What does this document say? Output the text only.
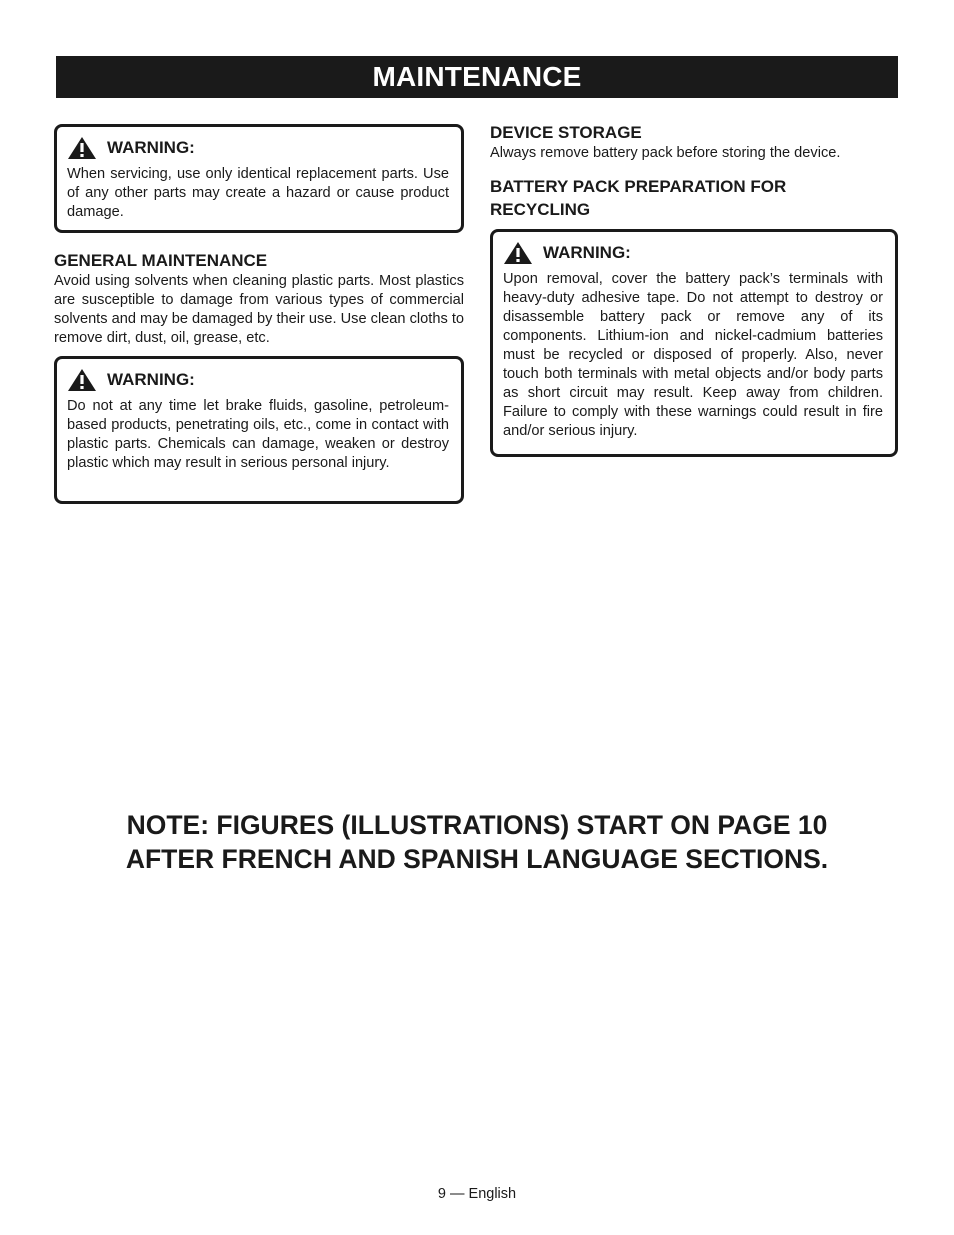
MAINTENANCE
WARNING:

When servicing, use only identical replacement parts. Use of any other parts may create a hazard or cause product damage.

GENERAL MAINTENANCE

Avoid using solvents when cleaning plastic parts. Most plastics are susceptible to damage from various types of commercial solvents and may be damaged by their use. Use clean cloths to remove dirt, dust, oil, grease, etc.

WARNING:

Do not at any time let brake fluids, gasoline, petroleum-based products, penetrating oils, etc., come in contact with plastic parts. Chemicals can damage, weaken or destroy plastic which may result in serious personal injury.

DEVICE STORAGE

Always remove battery pack before storing the device.

BATTERY PACK PREPARATION FOR RECYCLING

WARNING:

Upon removal, cover the battery pack’s terminals with heavy-duty adhesive tape. Do not attempt to destroy or disassemble battery pack or remove any of its components. Lithium-ion and nickel-cadmium batteries must be recycled or disposed of properly. Also, never touch both terminals with metal objects and/or body parts as short circuit may result. Keep away from children. Failure to comply with these warnings could result in fire and/or serious injury.

NOTE: FIGURES (ILLUSTRATIONS) START ON PAGE 10
AFTER FRENCH AND SPANISH LANGUAGE SECTIONS.
9 — English
